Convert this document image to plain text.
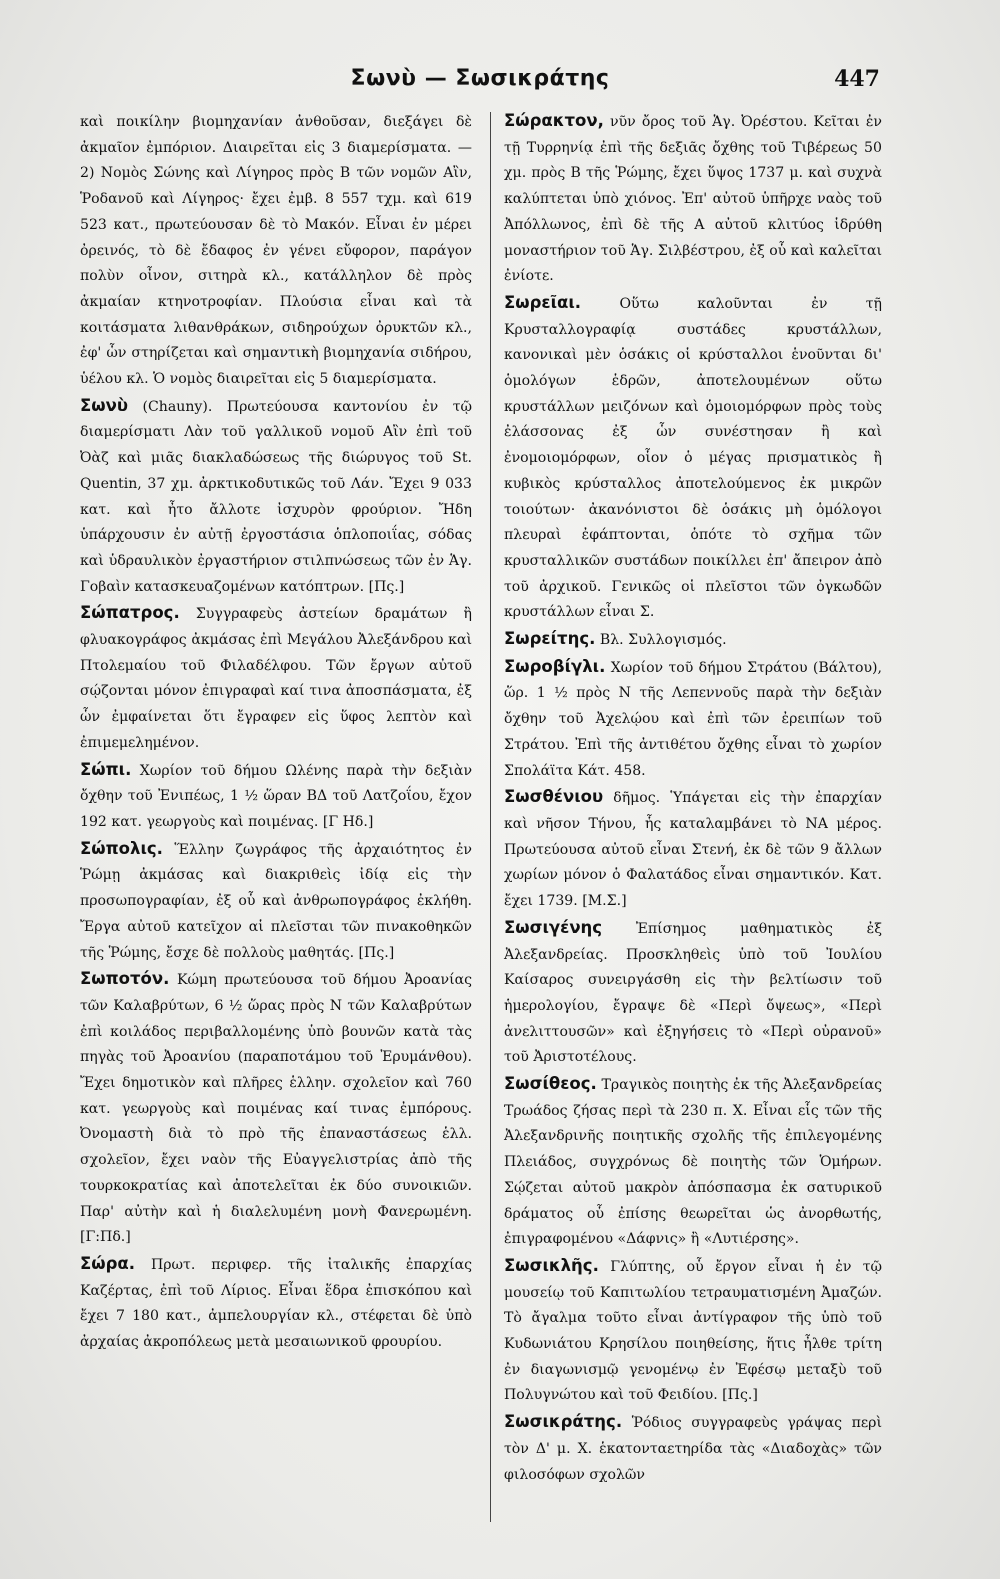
Σωνὺ — Σωσικράτης	447

καὶ ποικίλην βιομηχανίαν ἀνθοῦσαν, διεξάγει δὲ ἀκμαῖον ἐμπόριον. Διαιρεῖται εἰς 3 διαμερίσματα. — 2) Νομὸς Σώνης καὶ Λίγηρος πρὸς Β τῶν νομῶν Αἲν, Ῥοδανοῦ καὶ Λίγηρος· ἔχει ἐμβ. 8 557 τχμ. καὶ 619 523 κατ., πρωτεύουσαν δὲ τὸ Μακόν. Εἶναι ἐν μέρει ὀρεινός, τὸ δὲ ἔδαφος ἐν γένει εὔφορον, παράγον πολὺν οἶνον, σιτηρὰ κλ., κατάλληλον δὲ πρὸς ἀκμαίαν κτηνοτροφίαν. Πλούσια εἶναι καὶ τὰ κοιτάσματα λιθανθράκων, σιδηρούχων ὀρυκτῶν κλ., ἐφ' ὧν στηρίζεται καὶ σημαντικὴ βιομηχανία σιδήρου, ὑέλου κλ. Ὁ νομὸς διαιρεῖται εἰς 5 διαμερίσματα.

Σωνὺ (Chauny). Πρωτεύουσα καντονίου ἐν τῷ διαμερίσματι Λὰν τοῦ γαλλικοῦ νομοῦ Αἲν ἐπὶ τοῦ Ὀὰζ καὶ μιᾶς διακλαδώσεως τῆς διώρυγος τοῦ St. Quentin, 37 χμ. ἀρκτικοδυτικῶς τοῦ Λάν. Ἔχει 9 033 κατ. καὶ ἦτο ἄλλοτε ἰσχυρὸν φρούριον. Ἤδη ὑπάρχουσιν ἐν αὐτῇ ἐργοστάσια ὁπλοποιΐας, σόδας καὶ ὑδραυλικὸν ἐργαστήριον στιλπνώσεως τῶν ἐν Ἁγ. Γοβαὶν κατασκευαζομένων κατόπτρων. [Πς.]

Σώπατρος. Συγγραφεὺς ἀστείων δραμάτων ἢ φλυακογράφος ἀκμάσας ἐπὶ Μεγάλου Ἀλεξάνδρου καὶ Πτολεμαίου τοῦ Φιλαδέλφου. Τῶν ἔργων αὐτοῦ σῴζονται μόνον ἐπιγραφαὶ καί τινα ἀποσπάσματα, ἐξ ὧν ἐμφαίνεται ὅτι ἔγραφεν εἰς ὕφος λεπτὸν καὶ ἐπιμεμελημένον.

Σώπι. Χωρίον τοῦ δήμου Ωλένης παρὰ τὴν δεξιὰν ὄχθην τοῦ Ἐνιπέως, 1 ½ ὥραν ΒΔ τοῦ Λατζοΐου, ἔχον 192 κατ. γεωργοὺς καὶ ποιμένας. [Γ Ηδ.]

Σώπολις. Ἕλλην ζωγράφος τῆς ἀρχαιότητος ἐν Ῥώμῃ ἀκμάσας καὶ διακριθεὶς ἰδίᾳ εἰς τὴν προσωπογραφίαν, ἐξ οὗ καὶ ἀνθρωπογράφος ἐκλήθη. Ἔργα αὐτοῦ κατεῖχον αἱ πλεῖσται τῶν πινακοθηκῶν τῆς Ῥώμης, ἔσχε δὲ πολλοὺς μαθητάς. [Πς.]

Σωποτόν. Κώμη πρωτεύουσα τοῦ δήμου Ἀροανίας τῶν Καλαβρύτων, 6 ½ ὥρας πρὸς Ν τῶν Καλαβρύτων ἐπὶ κοιλάδος περιβαλλομένης ὑπὸ βουνῶν κατὰ τὰς πηγὰς τοῦ Ἀροανίου (παραποτάμου τοῦ Ἐρυμάνθου). Ἔχει δημοτικὸν καὶ πλῆρες ἑλλην. σχολεῖον καὶ 760 κατ. γεωργοὺς καὶ ποιμένας καί τινας ἐμπόρους. Ὀνομαστὴ διὰ τὸ πρὸ τῆς ἐπαναστάσεως ἑλλ. σχολεῖον, ἔχει ναὸν τῆς Εὐαγγελιστρίας ἀπὸ τῆς τουρκοκρατίας καὶ ἀποτελεῖται ἐκ δύο συνοικιῶν. Παρ' αὐτὴν καὶ ἡ διαλελυμένη μονὴ Φανερωμένη. [Γ:Πδ.]

Σώρα. Πρωτ. περιφερ. τῆς ἰταλικῆς ἐπαρχίας Καζέρτας, ἐπὶ τοῦ Λίριος. Εἶναι ἕδρα ἐπισκόπου καὶ ἔχει 7 180 κατ., ἀμπελουργίαν κλ., στέφεται δὲ ὑπὸ ἀρχαίας ἀκροπόλεως μετὰ μεσαιωνικοῦ φρουρίου.

Σώρακτον, νῦν ὄρος τοῦ Ἁγ. Ὀρέστου. Κεῖται ἐν τῇ Τυρρηνίᾳ ἐπὶ τῆς δεξιᾶς ὄχθης τοῦ Τιβέρεως 50 χμ. πρὸς Β τῆς Ῥώμης, ἔχει ὕψος 1737 μ. καὶ συχνὰ καλύπτεται ὑπὸ χιόνος. Ἐπ' αὐτοῦ ὑπῆρχε ναὸς τοῦ Ἀπόλλωνος, ἐπὶ δὲ τῆς Α αὐτοῦ κλιτύος ἱδρύθη μοναστήριον τοῦ Ἁγ. Σιλβέστρου, ἐξ οὗ καὶ καλεῖται ἐνίοτε.

Σωρεῖαι.	Οὕτω καλοῦνται ἐν τῇ Κρυσταλλογραφίᾳ συστάδες κρυστάλλων, κανονικαὶ μὲν ὁσάκις οἱ κρύσταλλοι ἑνοῦνται δι' ὁμολόγων ἑδρῶν, ἀποτελουμένων οὕτω κρυστάλλων μειζόνων καὶ ὁμοιομόρφων πρὸς τοὺς ἐλάσσονας ἐξ ὧν συνέστησαν ἢ καὶ ἐνομοιομόρφων, οἷον ὁ μέγας πρισματικὸς ἢ κυβικὸς κρύσταλλος ἀποτελούμενος ἐκ μικρῶν τοιούτων· ἀκανόνιστοι δὲ ὁσάκις μὴ ὁμόλογοι πλευραὶ ἐφάπτονται, ὁπότε τὸ σχῆμα τῶν κρυσταλλικῶν συστάδων ποικίλλει ἐπ' ἄπειρον ἀπὸ τοῦ ἀρχικοῦ. Γενικῶς οἱ πλεῖστοι τῶν ὀγκωδῶν κρυστάλλων εἶναι Σ.

Σωρείτης. Βλ. Συλλογισμός.

Σωροβίγλι. Χωρίον τοῦ δήμου Στράτου (Βάλτου), ὥρ. 1 ½ πρὸς Ν τῆς Λεπεννοῦς παρὰ τὴν δεξιὰν ὄχθην τοῦ Ἀχελῴου καὶ ἐπὶ τῶν ἐρειπίων τοῦ Στράτου. Ἐπὶ τῆς ἀντιθέτου ὄχθης εἶναι τὸ χωρίον Σπολάϊτα Κάτ. 458.

Σωσθένιου δῆμος. Ὑπάγεται εἰς τὴν ἐπαρχίαν καὶ νῆσον Τήνου, ἧς καταλαμβάνει τὸ ΝΑ μέρος. Πρωτεύουσα αὐτοῦ εἶναι Στενή, ἐκ δὲ τῶν 9 ἄλλων χωρίων μόνον ὁ Φαλατάδος εἶναι σημαντικόν. Κατ. ἔχει 1739. [Μ.Σ.]

Σωσιγένης Ἐπίσημος μαθηματικὸς ἐξ Ἀλεξανδρείας. Προσκληθεὶς ὑπὸ τοῦ Ἰουλίου Καίσαρος συνειργάσθη εἰς τὴν βελτίωσιν τοῦ ἡμερολογίου, ἔγραψε δὲ «Περὶ ὄψεως», «Περὶ ἀνελιττουσῶν» καὶ ἐξηγήσεις τὸ «Περὶ οὐρανοῦ» τοῦ Ἀριστοτέλους.

Σωσίθεος. Τραγικὸς ποιητὴς ἐκ τῆς Ἀλεξανδρείας Τρωάδος ζήσας περὶ τὰ 230 π. Χ. Εἶναι εἷς τῶν τῆς Ἀλεξανδρινῆς ποιητικῆς σχολῆς τῆς ἐπιλεγομένης Πλειάδος, συγχρόνως δὲ ποιητὴς τῶν Ὁμήρων. Σῴζεται αὐτοῦ μακρὸν ἀπόσπασμα ἐκ σατυρικοῦ δράματος οὗ ἐπίσης θεωρεῖται ὡς ἀνορθωτής, ἐπιγραφομένου «Δάφνις» ἢ «Λυτιέρσης».

Σωσικλῆς. Γλύπτης, οὗ ἔργον εἶναι ἡ ἐν τῷ μουσείῳ τοῦ Καπιτωλίου τετραυματισμένη Ἀμαζών. Τὸ ἄγαλμα τοῦτο εἶναι ἀντίγραφον τῆς ὑπὸ τοῦ Κυδωνιάτου Κρησίλου ποιηθείσης, ἥτις ἦλθε τρίτη ἐν διαγωνισμῷ γενομένῳ ἐν Ἐφέσῳ μεταξὺ τοῦ Πολυγνώτου καὶ τοῦ Φειδίου. [Πς.]

Σωσικράτης. Ῥόδιος συγγραφεὺς γράψας περὶ τὸν Δ' μ. Χ. ἑκατονταετηρίδα τὰς «Διαδοχὰς» τῶν φιλοσόφων σχολῶν
